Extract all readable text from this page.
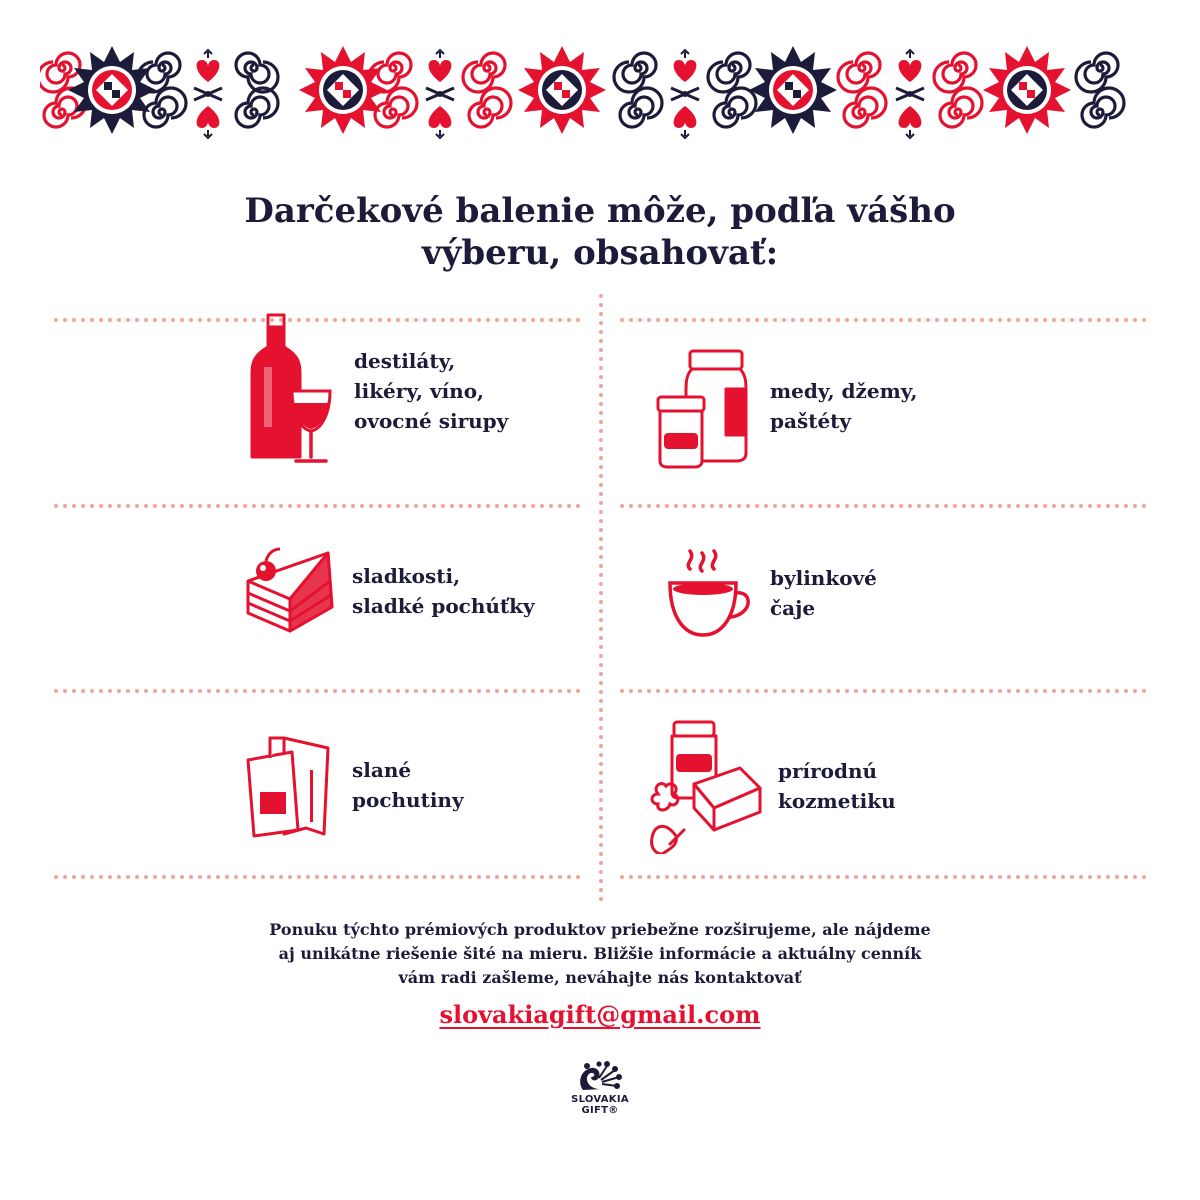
Darčekové balenie môže, podľa vášho
výberu, obsahovať:
destiláty,
likéry, víno,
ovocné sirupy
medy, džemy,
paštéty
sladkosti,
sladké pochúťky
bylinkové
čaje
slané
pochutiny
prírodnú
kozmetiku

Ponuku týchto prémiových produktov priebežne rozširujeme, ale nájdeme
aj unikátne riešenie šité na mieru. Bližšie informácie a aktuálny cenník
vám radi zašleme, neváhajte nás kontaktovať

slovakiagift@gmail.com
SLOVAKIA
GIFT®
